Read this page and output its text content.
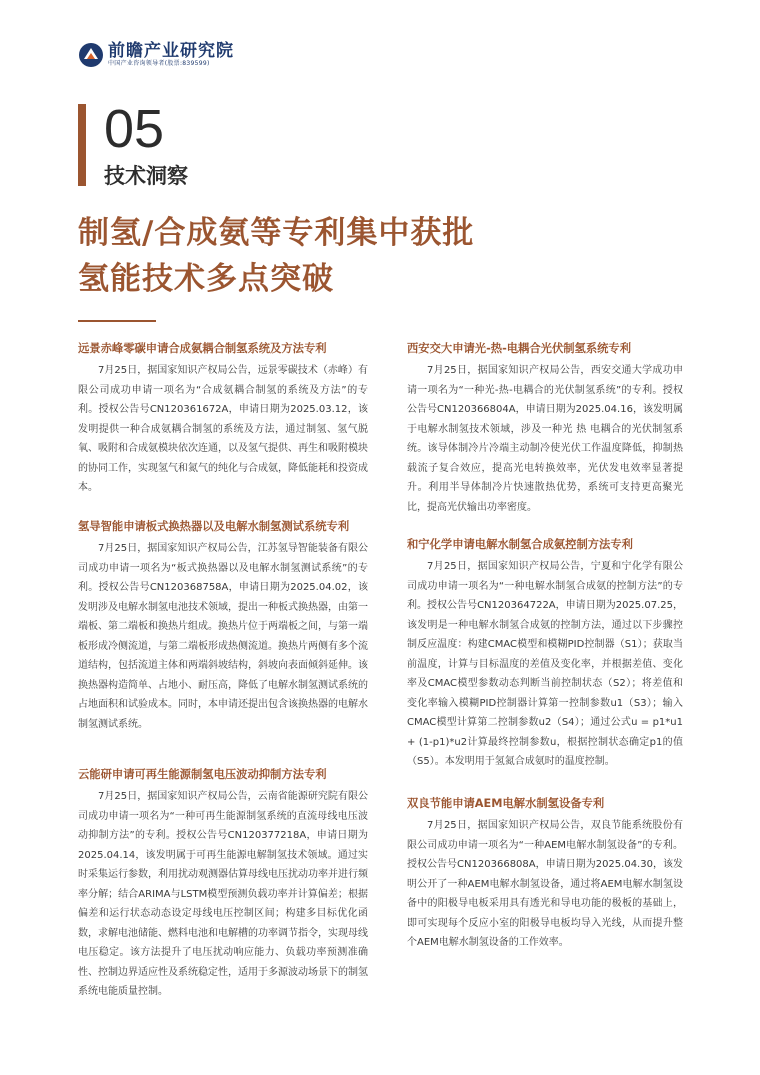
前瞻产业研究院
中国产业咨询领导者(股票:839599)
05
技术洞察
制氢/合成氨等专利集中获批
氢能技术多点突破
远景赤峰零碳申请合成氨耦合制氢系统及方法专利

7月25日，据国家知识产权局公告，远景零碳技术（赤峰）有限公司成功申请一项名为“合成氨耦合制氢的系统及方法”的专利。授权公告号CN120361672A，申请日期为2025.03.12，该发明提供一种合成氨耦合制氢的系统及方法，通过制氢、氢气脱氧、吸附和合成氨模块依次连通，以及氢气提供、再生和吸附模块的协同工作，实现氢气和氮气的纯化与合成氨，降低能耗和投资成本。

氢导智能申请板式换热器以及电解水制氢测试系统专利

7月25日，据国家知识产权局公告，江苏氢导智能装备有限公司成功申请一项名为“板式换热器以及电解水制氢测试系统”的专利。授权公告号CN120368758A，申请日期为2025.04.02，该发明涉及电解水制氢电池技术领域，提出一种板式换热器，由第一端板、第二端板和换热片组成。换热片位于两端板之间，与第一端板形成冷侧流道，与第二端板形成热侧流道。换热片两侧有多个流道结构，包括流道主体和两端斜坡结构，斜坡向表面倾斜延伸。该换热器构造简单、占地小、耐压高，降低了电解水制氢测试系统的占地面积和试验成本。同时，本申请还提出包含该换热器的电解水制氢测试系统。

云能研申请可再生能源制氢电压波动抑制方法专利

7月25日，据国家知识产权局公告，云南省能源研究院有限公司成功申请一项名为“一种可再生能源制氢系统的直流母线电压波动抑制方法”的专利。授权公告号CN120377218A，申请日期为2025.04.14，该发明属于可再生能源电解制氢技术领域。通过实时采集运行参数，利用扰动观测器估算母线电压扰动功率并进行频率分解；结合ARIMA与LSTM模型预测负载功率并计算偏差；根据偏差和运行状态动态设定母线电压控制区间；构建多目标优化函数，求解电池储能、燃料电池和电解槽的功率调节指令，实现母线电压稳定。该方法提升了电压扰动响应能力、负载功率预测准确性、控制边界适应性及系统稳定性，适用于多源波动场景下的制氢系统电能质量控制。

西安交大申请光-热-电耦合光伏制氢系统专利

7月25日，据国家知识产权局公告，西安交通大学成功申请一项名为“一种光-热-电耦合的光伏制氢系统”的专利。授权公告号CN120366804A，申请日期为2025.04.16，该发明属于电解水制氢技术领域，涉及一种光 热 电耦合的光伏制氢系统。该导体制冷片冷端主动制冷使光伏工作温度降低，抑制热载流子复合效应，提高光电转换效率，光伏发电效率显著提升。利用半导体制冷片快速散热优势，系统可支持更高聚光比，提高光伏输出功率密度。

和宁化学申请电解水制氢合成氨控制方法专利

7月25日，据国家知识产权局公告，宁夏和宁化学有限公司成功申请一项名为“一种电解水制氢合成氨的控制方法”的专利。授权公告号CN120364722A，申请日期为2025.07.25，该发明是一种电解水制氢合成氨的控制方法，通过以下步骤控制反应温度：构建CMAC模型和模糊PID控制器（S1）；获取当前温度，计算与目标温度的差值及变化率，并根据差值、变化率及CMAC模型参数动态判断当前控制状态（S2）；将差值和变化率输入模糊PID控制器计算第一控制参数u1（S3）；输入CMAC模型计算第二控制参数u2（S4）；通过公式u = p1*u1 + (1-p1)*u2计算最终控制参数u，根据控制状态确定p1的值（S5）。本发明用于氢氮合成氨时的温度控制。

双良节能申请AEM电解水制氢设备专利

7月25日，据国家知识产权局公告，双良节能系统股份有限公司成功申请一项名为“一种AEM电解水制氢设备”的专利。授权公告号CN120366808A，申请日期为2025.04.30，该发明公开了一种AEM电解水制氢设备，通过将AEM电解水制氢设备中的阳极导电板采用具有透光和导电功能的极板的基础上，即可实现每个反应小室的阳极导电板均导入光线，从而提升整个AEM电解水制氢设备的工作效率。
